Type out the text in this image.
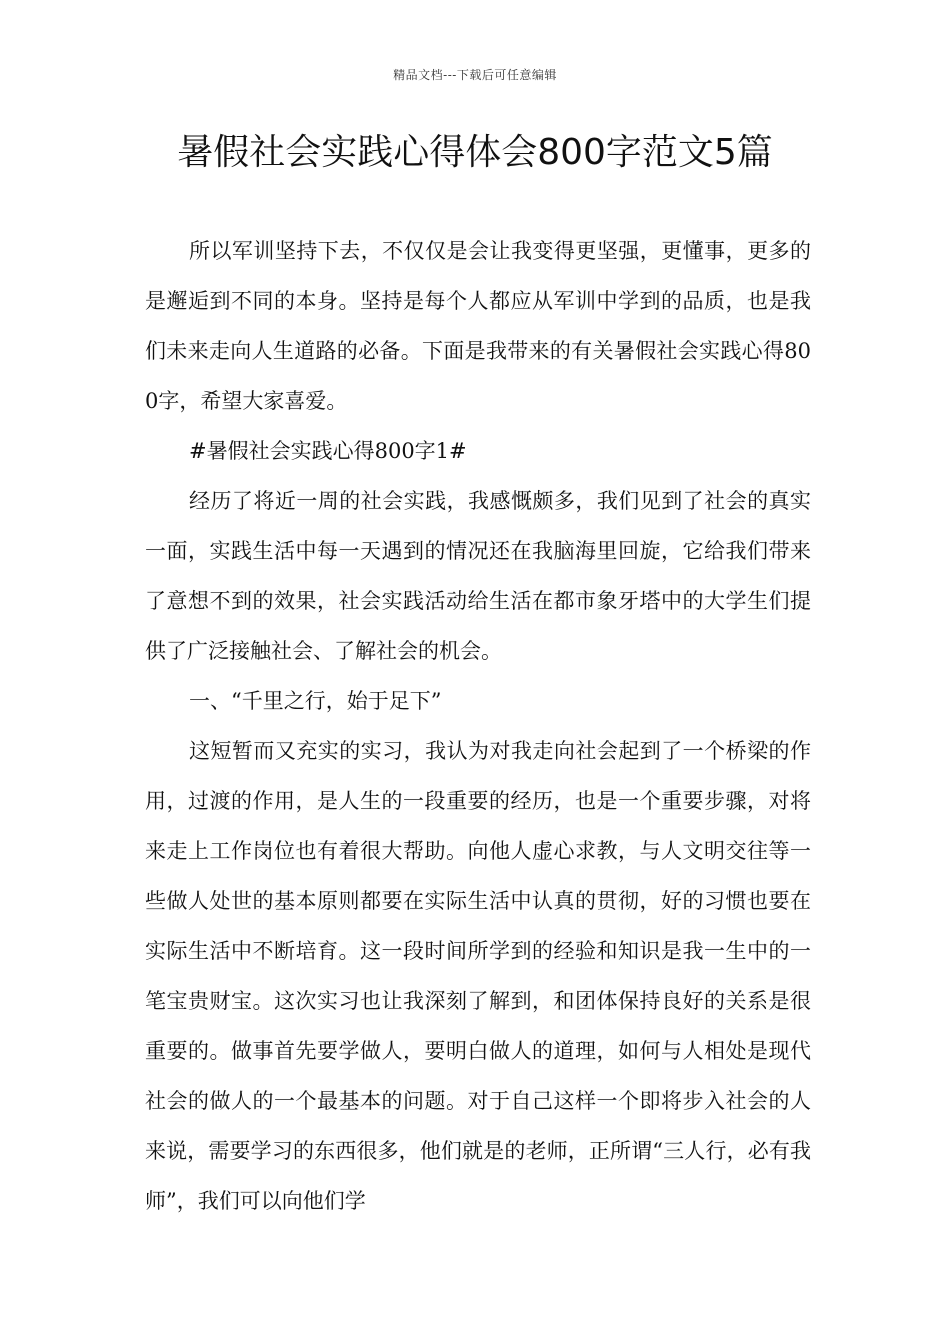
精品文档---下载后可任意编辑
暑假社会实践心得体会800字范文5篇

所以军训坚持下去，不仅仅是会让我变得更坚强，更懂事，更多的是邂逅到不同的本身。坚持是每个人都应从军训中学到的品质，也是我们未来走向人生道路的必备。下面是我带来的有关暑假社会实践心得800字，希望大家喜爱。

#暑假社会实践心得800字1#

经历了将近一周的社会实践，我感慨颇多，我们见到了社会的真实一面，实践生活中每一天遇到的情况还在我脑海里回旋，它给我们带来了意想不到的效果，社会实践活动给生活在都市象牙塔中的大学生们提供了广泛接触社会、了解社会的机会。

一、“千里之行，始于足下”

这短暂而又充实的实习，我认为对我走向社会起到了一个桥梁的作用，过渡的作用，是人生的一段重要的经历，也是一个重要步骤，对将来走上工作岗位也有着很大帮助。向他人虚心求教，与人文明交往等一些做人处世的基本原则都要在实际生活中认真的贯彻，好的习惯也要在实际生活中不断培育。这一段时间所学到的经验和知识是我一生中的一笔宝贵财宝。这次实习也让我深刻了解到，和团体保持良好的关系是很重要的。做事首先要学做人，要明白做人的道理，如何与人相处是现代社会的做人的一个最基本的问题。对于自己这样一个即将步入社会的人来说，需要学习的东西很多，他们就是的老师，正所谓“三人行，必有我师”，我们可以向他们学
